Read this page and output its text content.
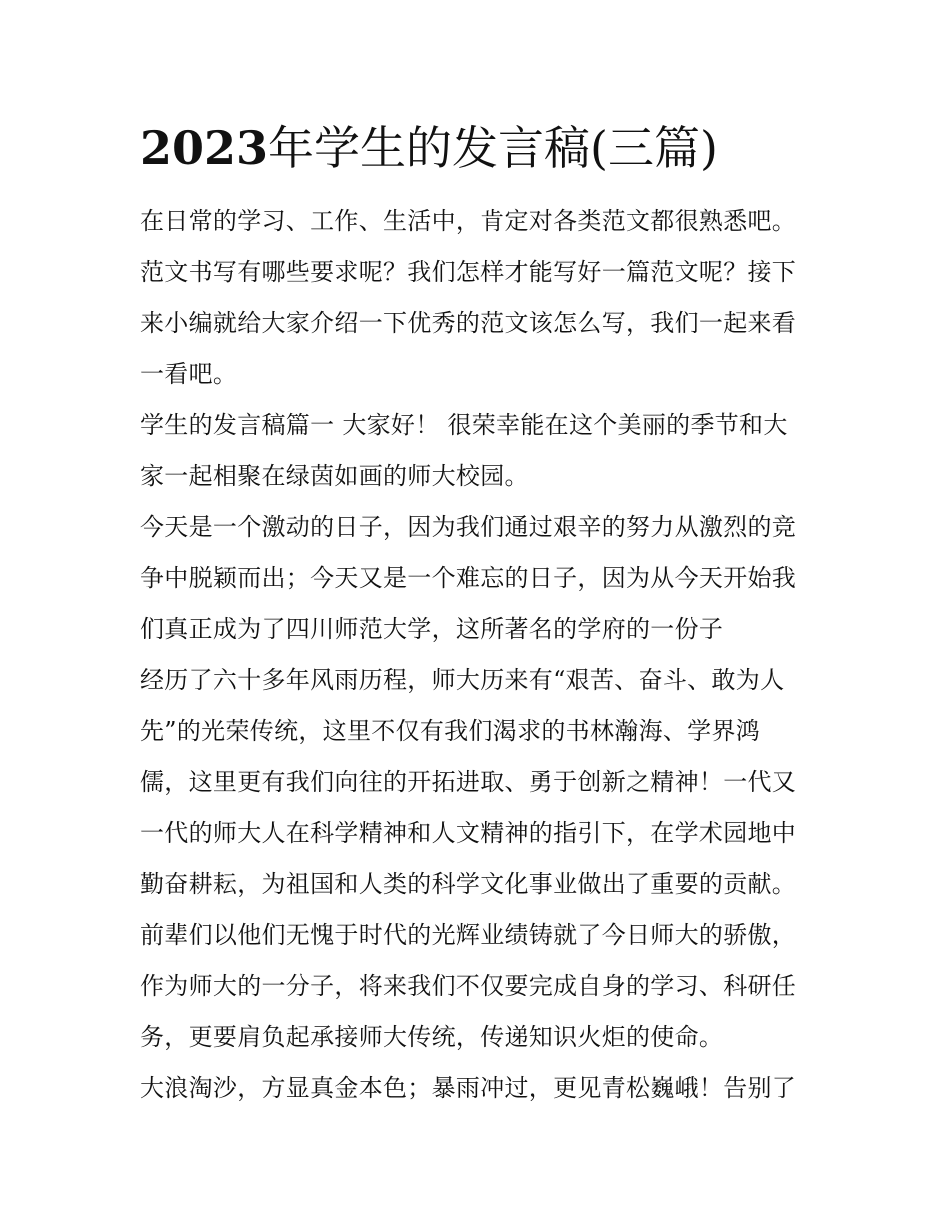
2023年学生的发言稿(三篇)
在日常的学习、工作、生活中，肯定对各类范文都很熟悉吧。
范文书写有哪些要求呢？我们怎样才能写好一篇范文呢？接下
来小编就给大家介绍一下优秀的范文该怎么写，我们一起来看
一看吧。
学生的发言稿篇一 大家好！ 很荣幸能在这个美丽的季节和大
家一起相聚在绿茵如画的师大校园。
今天是一个激动的日子，因为我们通过艰辛的努力从激烈的竞
争中脱颖而出；今天又是一个难忘的日子，因为从今天开始我
们真正成为了四川师范大学，这所著名的学府的一份子
经历了六十多年风雨历程，师大历来有“艰苦、奋斗、敢为人
先”的光荣传统，这里不仅有我们渴求的书林瀚海、学界鸿
儒，这里更有我们向往的开拓进取、勇于创新之精神！一代又
一代的师大人在科学精神和人文精神的指引下，在学术园地中
勤奋耕耘，为祖国和人类的科学文化事业做出了重要的贡献。
前辈们以他们无愧于时代的光辉业绩铸就了今日师大的骄傲，
作为师大的一分子，将来我们不仅要完成自身的学习、科研任
务，更要肩负起承接师大传统，传递知识火炬的使命。
大浪淘沙，方显真金本色；暴雨冲过，更见青松巍峨！告别了
